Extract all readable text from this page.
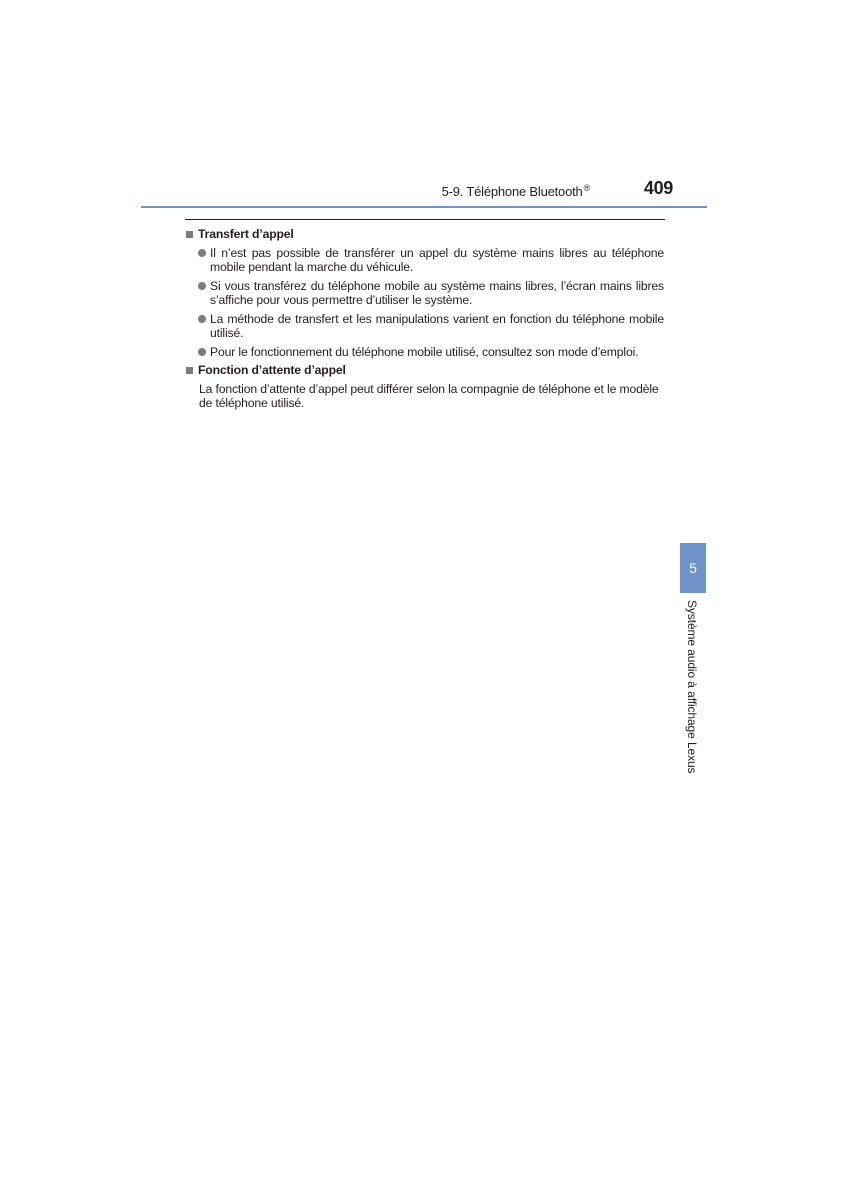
5-9. Téléphone Bluetooth®	409
Transfert d’appel
Il n’est pas possible de transférer un appel du système mains libres au téléphone mobile pendant la marche du véhicule.
Si vous transférez du téléphone mobile au système mains libres, l’écran mains libres s’affiche pour vous permettre d’utiliser le système.
La méthode de transfert et les manipulations varient en fonction du téléphone mobile utilisé.
Pour le fonctionnement du téléphone mobile utilisé, consultez son mode d’emploi.
Fonction d’attente d’appel

La fonction d’attente d’appel peut différer selon la compagnie de téléphone et le modèle de téléphone utilisé.

5
Système audio à affichage Lexus
